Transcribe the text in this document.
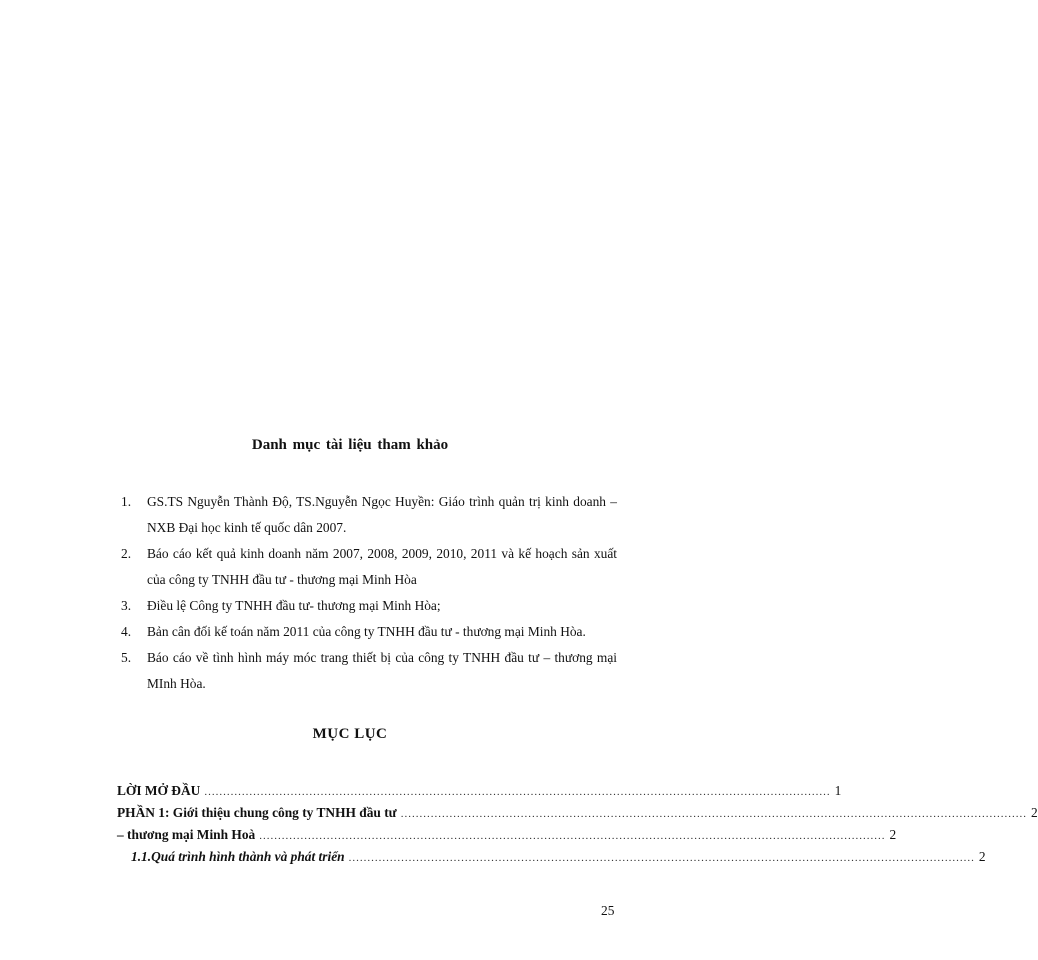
Danh mục tài liệu tham khảo
1. GS.TS Nguyễn Thành Độ, TS.Nguyễn Ngọc Huyền: Giáo trình quản trị kinh doanh – NXB Đại học kinh tế quốc dân 2007.
2. Báo cáo kết quả kinh doanh năm 2007, 2008, 2009, 2010, 2011 và kế hoạch sản xuất của công ty TNHH đầu tư - thương mại Minh Hòa
3. Điều lệ Công ty TNHH đầu tư- thương mại Minh Hòa;
4. Bản cân đối kế toán năm 2011 của công ty TNHH đầu tư - thương mại Minh Hòa.
5. Báo cáo về tình hình máy móc trang thiết bị của công ty TNHH đầu tư – thương mại MInh Hòa.
MỤC LỤC
LỜI MỞ ĐẦU ....................................................................................................................................................................... 1
PHẦN 1: Giới thiệu chung công ty TNHH đầu tư ....................................................................................................................................................................... 2
– thương mại Minh Hoà ....................................................................................................................................................................... 2
1.1.Quá trình hình thành và phát triển ....................................................................................................................................................................... 2
25
